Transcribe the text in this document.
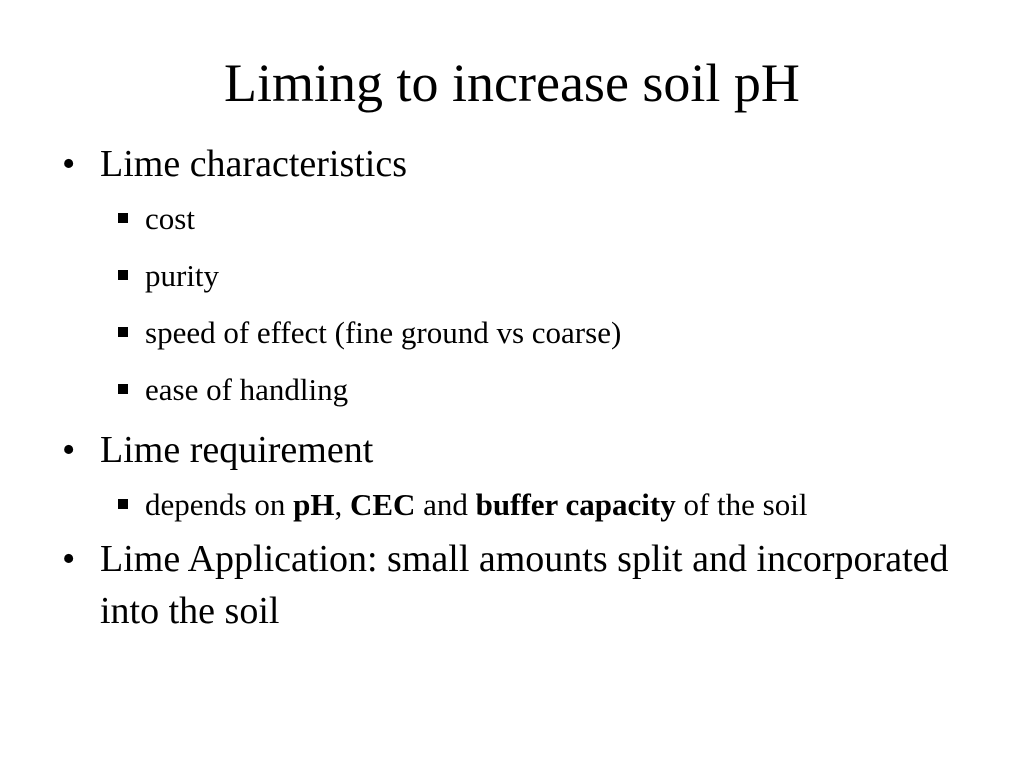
Liming to increase soil pH
• Lime characteristics
cost
purity
speed of effect (fine ground vs coarse)
ease of handling
• Lime requirement
depends on pH, CEC and buffer capacity of the soil
• Lime Application: small amounts split and incorporated into the soil
